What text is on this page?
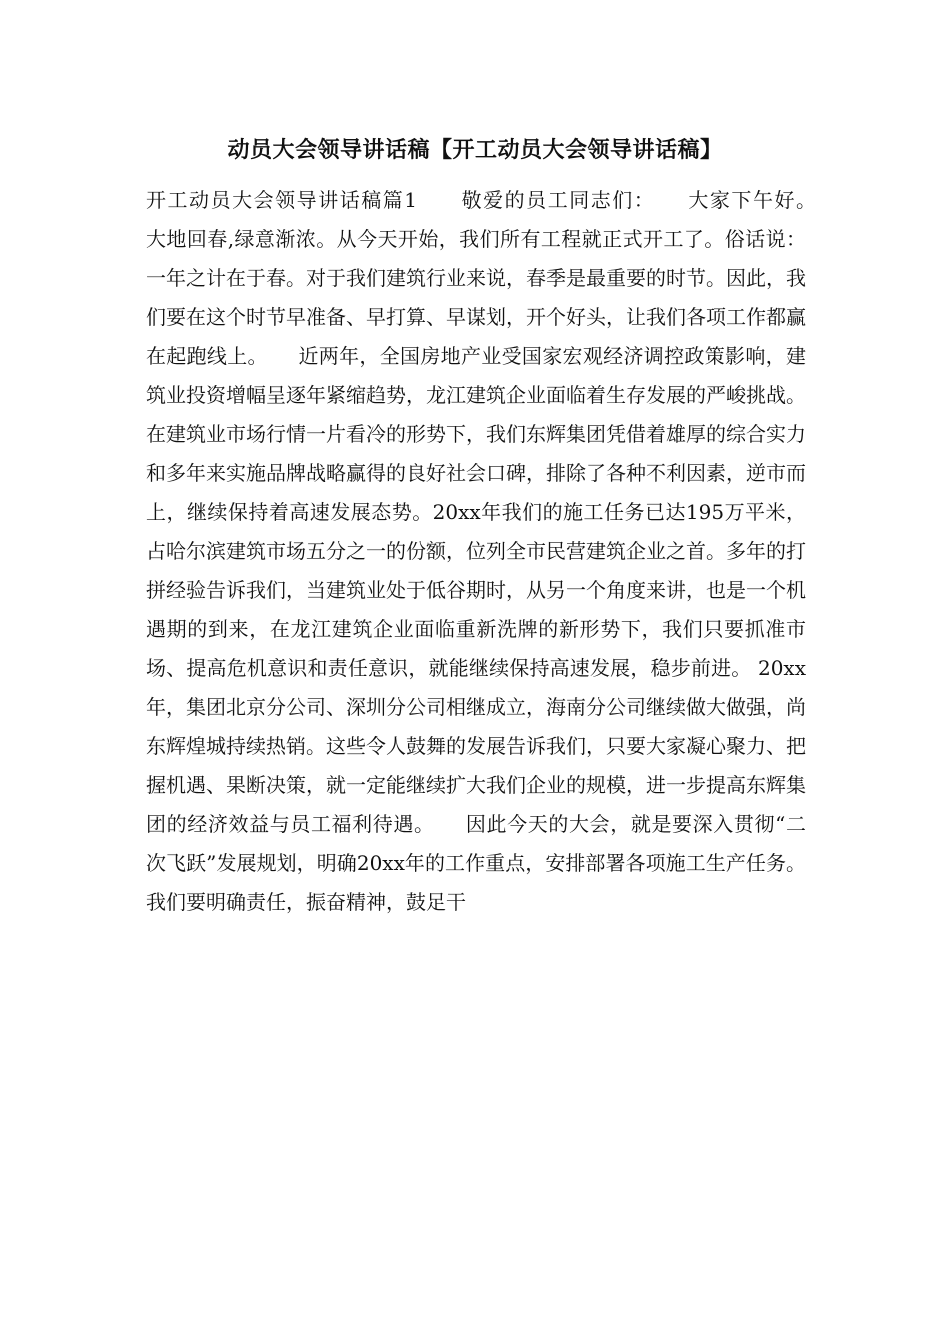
动员大会领导讲话稿【开工动员大会领导讲话稿】

开工动员大会领导讲话稿篇1　　敬爱的员工同志们：　　大家下午好。　　大地回春,绿意渐浓。从今天开始，我们所有工程就正式开工了。俗话说：一年之计在于春。对于我们建筑行业来说，春季是最重要的时节。因此，我们要在这个时节早准备、早打算、早谋划，开个好头，让我们各项工作都赢在起跑线上。　　近两年，全国房地产业受国家宏观经济调控政策影响，建筑业投资增幅呈逐年紧缩趋势，龙江建筑企业面临着生存发展的严峻挑战。在建筑业市场行情一片看冷的形势下，我们东辉集团凭借着雄厚的综合实力和多年来实施品牌战略赢得的良好社会口碑，排除了各种不利因素，逆市而上，继续保持着高速发展态势。20xx年我们的施工任务已达195万平米，占哈尔滨建筑市场五分之一的份额，位列全市民营建筑企业之首。多年的打拼经验告诉我们，当建筑业处于低谷期时，从另一个角度来讲，也是一个机遇期的到来，在龙江建筑企业面临重新洗牌的新形势下，我们只要抓准市场、提高危机意识和责任意识，就能继续保持高速发展，稳步前进。 20xx年，集团北京分公司、深圳分公司相继成立，海南分公司继续做大做强，尚东辉煌城持续热销。这些令人鼓舞的发展告诉我们，只要大家凝心聚力、把握机遇、果断决策，就一定能继续扩大我们企业的规模，进一步提高东辉集团的经济效益与员工福利待遇。　　因此今天的大会，就是要深入贯彻“二次飞跃”发展规划，明确20xx年的工作重点，安排部署各项施工生产任务。我们要明确责任，振奋精神，鼓足干
